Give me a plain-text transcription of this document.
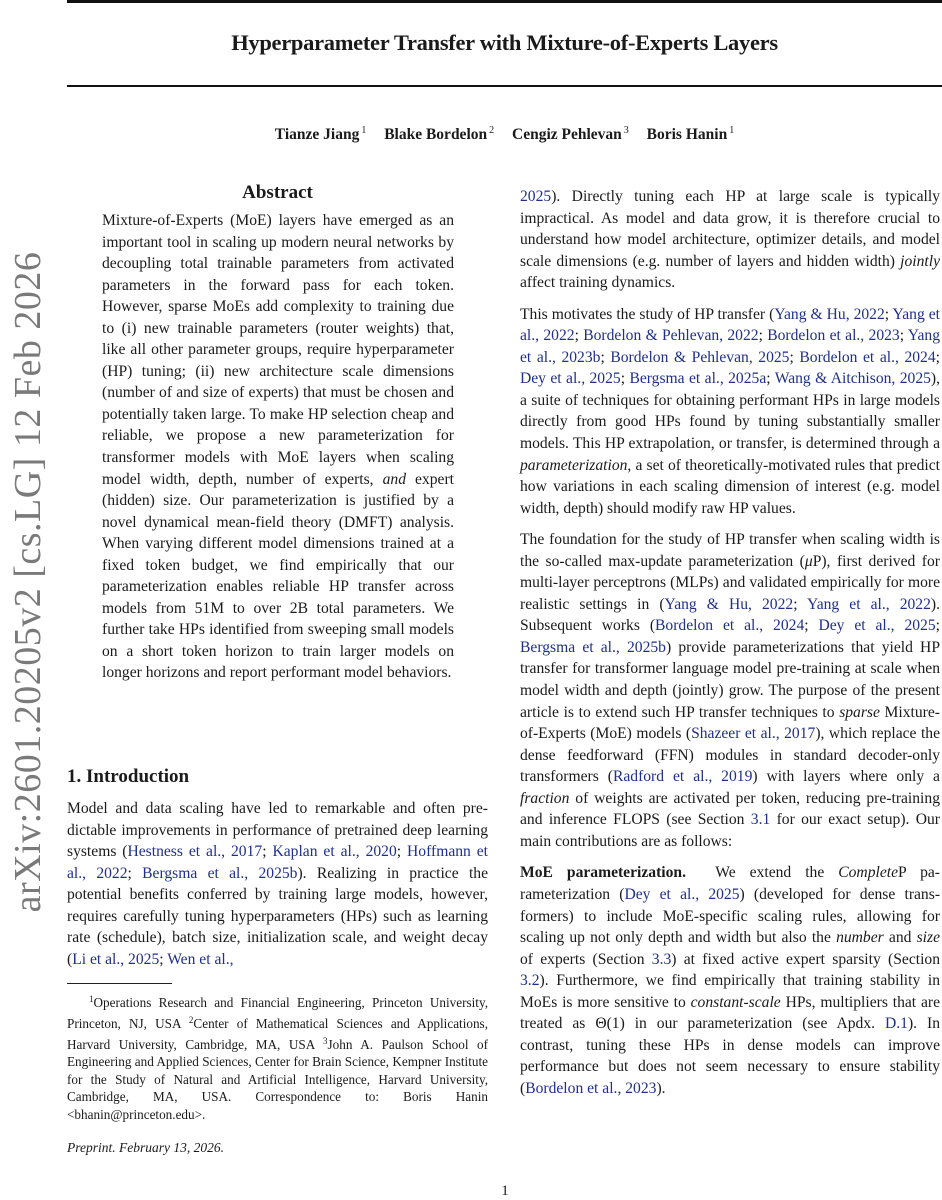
Hyperparameter Transfer with Mixture-of-Experts Layers
Tianze Jiang $^1$ Blake Bordelon $^2$ Cengiz Pehlevan $^3$ Boris Hanin $^1$
arXiv:2601.20205v2 [cs.LG] 12 Feb 2026
Abstract
Mixture-of-Experts (MoE) layers have emerged as an important tool in scaling up modern neural networks by decoupling total trainable parameters from activated parameters in the forward pass for each token. However, sparse MoEs add complexity to training due to (i) new trainable parameters (router weights) that, like all other parameter groups, require hyperparameter (HP) tuning; (ii) new architecture scale dimensions (number of and size of experts) that must be chosen and potentially taken large. To make HP selection cheap and reliable, we propose a new parameterization for transformer models with MoE layers when scaling model width, depth, number of experts, and expert (hidden) size. Our parameterization is justified by a novel dynamical mean-field theory (DMFT) analysis. When varying different model dimensions trained at a fixed token budget, we find empirically that our parameterization enables reliable HP transfer across models from 51M to over 2B total parameters. We further take HPs identified from sweeping small models on a short token horizon to train larger models on longer horizons and report performant model behaviors.
1. Introduction

Model and data scaling have led to remarkable and often predictable improvements in performance of pretrained deep learning systems (Hestness et al., 2017; Kaplan et al., 2020; Hoffmann et al., 2022; Bergsma et al., 2025b). Realizing in practice the potential benefits conferred by training large models, however, requires carefully tuning hyperparameters (HPs) such as learning rate (schedule), batch size, initialization scale, and weight decay (Li et al., 2025; Wen et al.,

$^1$Operations Research and Financial Engineering, Princeton University, Princeton, NJ, USA $^2$Center of Mathematical Sciences and Applications, Harvard University, Cambridge, MA, USA $^3$John A. Paulson School of Engineering and Applied Sciences, Center for Brain Science, Kempner Institute for the Study of Natural and Artificial Intelligence, Harvard University, Cambridge, MA, USA. Correspondence to: Boris Hanin <bhanin@princeton.edu>.

Preprint. February 13, 2026.

2025). Directly tuning each HP at large scale is typically impractical. As model and data grow, it is therefore crucial to understand how model architecture, optimizer details, and model scale dimensions (e.g. number of layers and hidden width) jointly affect training dynamics.

This motivates the study of HP transfer (Yang & Hu, 2022; Yang et al., 2022; Bordelon & Pehlevan, 2022; Bordelon et al., 2023; Yang et al., 2023b; Bordelon & Pehlevan, 2025; Bordelon et al., 2024; Dey et al., 2025; Bergsma et al., 2025a; Wang & Aitchison, 2025), a suite of techniques for obtaining performant HPs in large models directly from good HPs found by tuning substantially smaller models. This HP extrapolation, or transfer, is determined through a parameterization, a set of theoretically-motivated rules that predict how variations in each scaling dimension of interest (e.g. model width, depth) should modify raw HP values.

The foundation for the study of HP transfer when scaling width is the so-called max-update parameterization (μP), first derived for multi-layer perceptrons (MLPs) and validated empirically for more realistic settings in (Yang & Hu, 2022; Yang et al., 2022). Subsequent works (Bordelon et al., 2024; Dey et al., 2025; Bergsma et al., 2025b) provide parameterizations that yield HP transfer for transformer language model pre-training at scale when model width and depth (jointly) grow. The purpose of the present article is to extend such HP transfer techniques to sparse Mixture-of-Experts (MoE) models (Shazeer et al., 2017), which replace the dense feedforward (FFN) modules in standard decoder-only transformers (Radford et al., 2019) with layers where only a fraction of weights are activated per token, reducing pre-training and inference FLOPS (see Section 3.1 for our exact setup). Our main contributions are as follows:

MoE parameterization.  We extend the CompleteP parameterization (Dey et al., 2025) (developed for dense transformers) to include MoE-specific scaling rules, allowing for scaling up not only depth and width but also the number and size of experts (Section 3.3) at fixed active expert sparsity (Section 3.2). Furthermore, we find empirically that training stability in MoEs is more sensitive to constant-scale HPs, multipliers that are treated as Θ(1) in our parameterization (see Apdx. D.1). In contrast, tuning these HPs in dense models can improve performance but does not seem necessary to ensure stability (Bordelon et al., 2023).

1
